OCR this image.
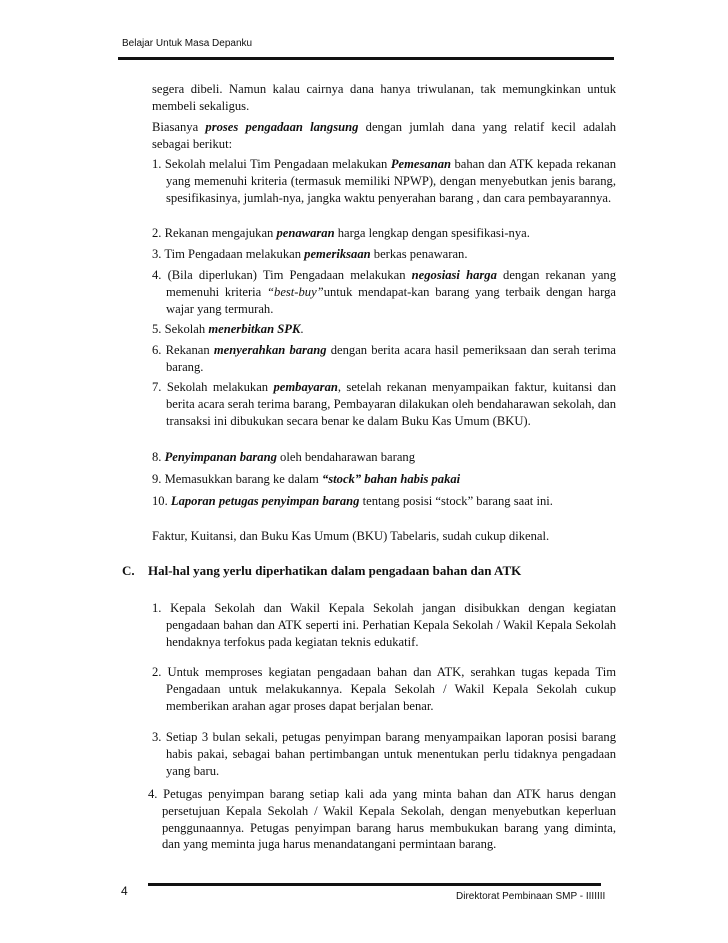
Belajar Untuk Masa Depanku

segera dibeli. Namun kalau cairnya dana hanya triwulanan, tak memungkinkan untuk membeli sekaligus.

Biasanya proses pengadaan langsung dengan jumlah dana yang relatif kecil adalah sebagai berikut:

1. Sekolah melalui Tim Pengadaan melakukan Pemesanan bahan dan ATK kepada rekanan yang memenuhi kriteria (termasuk memiliki NPWP), dengan menyebutkan jenis barang, spesifikasinya, jumlah-nya, jangka waktu penyerahan barang , dan cara pembayarannya.

2. Rekanan mengajukan penawaran harga lengkap dengan spesifikasi-nya.

3. Tim Pengadaan melakukan pemeriksaan berkas penawaran.

4. (Bila diperlukan) Tim Pengadaan melakukan negosiasi harga dengan rekanan yang memenuhi kriteria “best-buy”untuk mendapat-kan barang yang terbaik dengan harga wajar yang termurah.

5. Sekolah menerbitkan SPK.

6. Rekanan menyerahkan barang dengan berita acara hasil pemeriksaan dan serah terima barang.

7. Sekolah melakukan pembayaran, setelah rekanan menyampaikan faktur, kuitansi dan berita acara serah terima barang, Pembayaran dilakukan oleh bendaharawan sekolah, dan transaksi ini dibukukan secara benar ke dalam Buku Kas Umum (BKU).

8. Penyimpanan barang oleh bendaharawan barang

9. Memasukkan barang ke dalam “stock” bahan habis pakai

10. Laporan petugas penyimpan barang tentang posisi “stock” barang saat ini.

Faktur, Kuitansi, dan Buku Kas Umum (BKU) Tabelaris, sudah cukup dikenal.

C. Hal-hal yang yerlu diperhatikan dalam pengadaan bahan dan ATK

1. Kepala Sekolah dan Wakil Kepala Sekolah jangan disibukkan dengan kegiatan pengadaan bahan dan ATK seperti ini. Perhatian Kepala Sekolah / Wakil Kepala Sekolah hendaknya terfokus pada kegiatan teknis edukatif.

2. Untuk memproses kegiatan pengadaan bahan dan ATK, serahkan tugas kepada Tim Pengadaan untuk melakukannya. Kepala Sekolah / Wakil Kepala Sekolah cukup memberikan arahan agar proses dapat berjalan benar.

3. Setiap 3 bulan sekali, petugas penyimpan barang menyampaikan laporan posisi barang habis pakai, sebagai bahan pertimbangan untuk menentukan perlu tidaknya pengadaan yang baru.

4. Petugas penyimpan barang setiap kali ada yang minta bahan dan ATK harus dengan persetujuan Kepala Sekolah / Wakil Kepala Sekolah, dengan menyebutkan keperluan penggunaannya. Petugas penyimpan barang harus membukukan barang yang diminta, dan yang meminta juga harus menandatangani permintaan barang.

4	Direktorat Pembinaan SMP - IIIIIII
